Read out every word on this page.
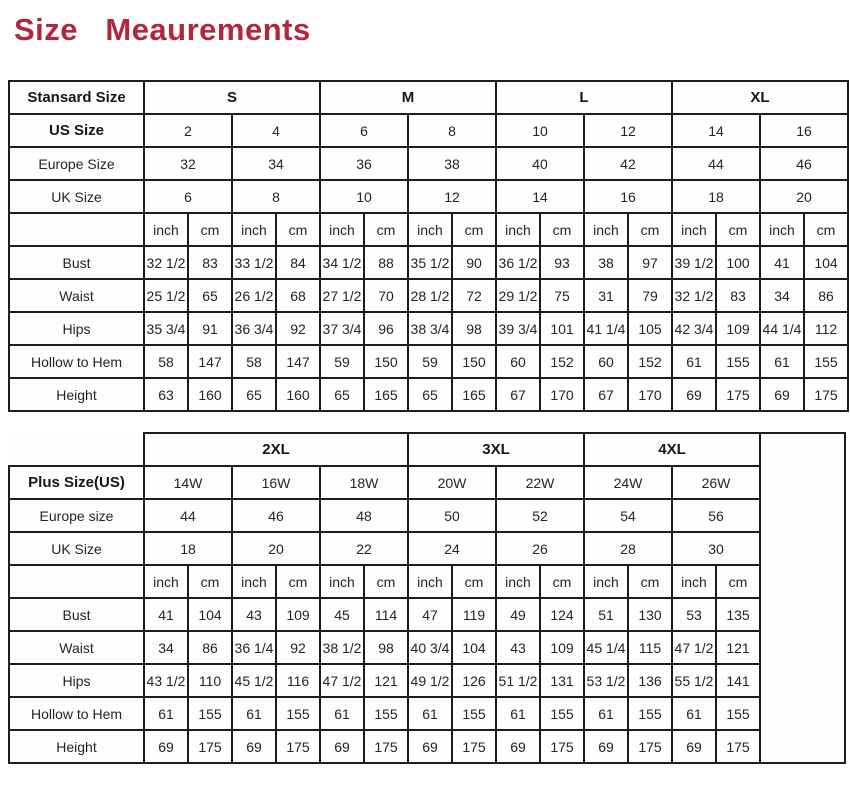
Size   Meaurements
Stansard Size	S				M				L				XL			
US Size	2		4		6		8		10		12		14		16	
Europe Size	32		34		36		38		40		42		44		46	
UK Size	6		8		10		12		14		16		18		20	
	inch	cm	inch	cm	inch	cm	inch	cm	inch	cm	inch	cm	inch	cm	inch	cm
Bust	32 1/2	83	33 1/2	84	34 1/2	88	35 1/2	90	36 1/2	93	38	97	39 1/2	100	41	104
Waist	25 1/2	65	26 1/2	68	27 1/2	70	28 1/2	72	29 1/2	75	31	79	32 1/2	83	34	86
Hips	35 3/4	91	36 3/4	92	37 3/4	96	38 3/4	98	39 3/4	101	41 1/4	105	42 3/4	109	44 1/4	112
Hollow to Hem	58	147	58	147	59	150	59	150	60	152	60	152	61	155	61	155
Height	63	160	65	160	65	165	65	165	67	170	67	170	69	175	69	175
	2XL						3XL				4XL				
Plus Size(US)	14W		16W		18W		20W		22W		24W		26W		
Europe size	44		46		48		50		52		54		56		
UK Size	18		20		22		24		26		28		30		
	inch	cm	inch	cm	inch	cm	inch	cm	inch	cm	inch	cm	inch	cm	
Bust	41	104	43	109	45	114	47	119	49	124	51	130	53	135	
Waist	34	86	36 1/4	92	38 1/2	98	40 3/4	104	43	109	45 1/4	115	47 1/2	121	
Hips	43 1/2	110	45 1/2	116	47 1/2	121	49 1/2	126	51 1/2	131	53 1/2	136	55 1/2	141	
Hollow to Hem	61	155	61	155	61	155	61	155	61	155	61	155	61	155	
Height	69	175	69	175	69	175	69	175	69	175	69	175	69	175	
